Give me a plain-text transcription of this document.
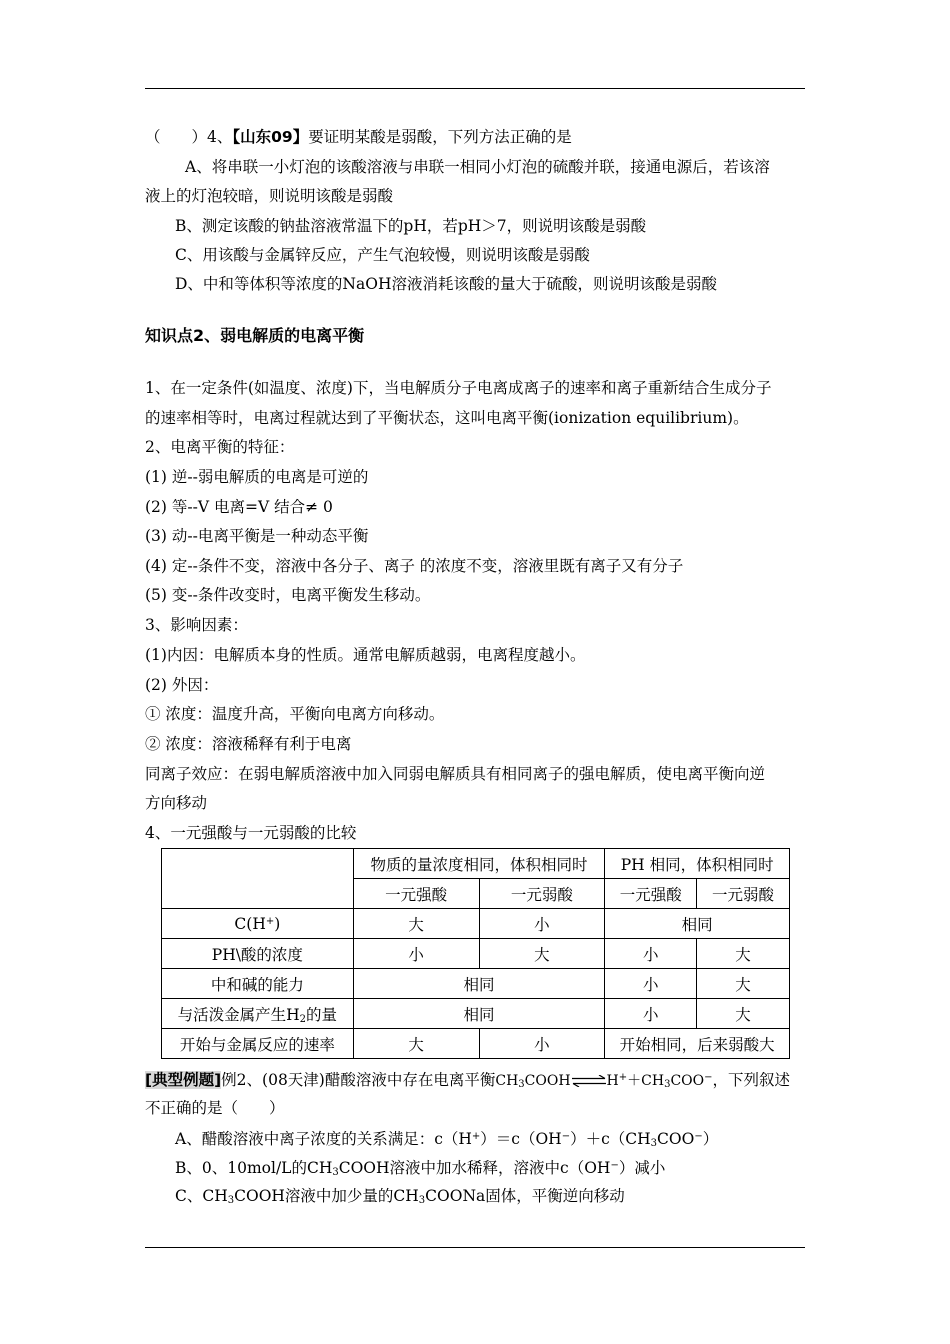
（　　）4、【山东09】要证明某酸是弱酸，下列方法正确的是
A、将串联一小灯泡的该酸溶液与串联一相同小灯泡的硫酸并联，接通电源后，若该溶
液上的灯泡较暗，则说明该酸是弱酸
B、测定该酸的钠盐溶液常温下的pH，若pH＞7，则说明该酸是弱酸
C、用该酸与金属锌反应，产生气泡较慢，则说明该酸是弱酸
D、中和等体积等浓度的NaOH溶液消耗该酸的量大于硫酸，则说明该酸是弱酸
知识点2、弱电解质的电离平衡
1、在一定条件(如温度、浓度)下，当电解质分子电离成离子的速率和离子重新结合生成分子
的速率相等时，电离过程就达到了平衡状态，这叫电离平衡(ionization equilibrium)。
2、电离平衡的特征：
(1) 逆--弱电解质的电离是可逆的
(2) 等--V 电离=V 结合≠ 0
(3) 动--电离平衡是一种动态平衡
(4) 定--条件不变，溶液中各分子、离子 的浓度不变，溶液里既有离子又有分子
(5) 变--条件改变时，电离平衡发生移动。
3、影响因素：
(1)内因：电解质本身的性质。通常电解质越弱，电离程度越小。
(2) 外因：
① 浓度：温度升高，平衡向电离方向移动。
② 浓度：溶液稀释有利于电离
同离子效应：在弱电解质溶液中加入同弱电解质具有相同离子的强电解质，使电离平衡向逆
方向移动
4、一元强酸与一元弱酸的比较
	物质的量浓度相同，体积相同时		PH 相同，体积相同时	
	一元强酸	一元弱酸	一元强酸	一元弱酸
C(H+)	大	小	相同	
PH\酸的浓度	小	大	小	大
中和碱的能力	相同		小	大
与活泼金属产生$H_2$的量	相同		小	大
开始与金属反应的速率	大	小	开始相同，后来弱酸大	
[典型例题]例2、(08天津)醋酸溶液中存在电离平衡$CH_3COOH\rightleftharpoons H^++CH_3COO^-$，下列叙述
不正确的是（　　）
A、醋酸溶液中离子浓度的关系满足：$c(H^+)=c(OH^-)+c(CH_3COO^-)$
B、0、10mol/L的$CH_3COOH$溶液中加水稀释，溶液中c（OH−）减小
C、$CH_3COOH$溶液中加少量的$CH_3COONa$固体，平衡逆向移动
